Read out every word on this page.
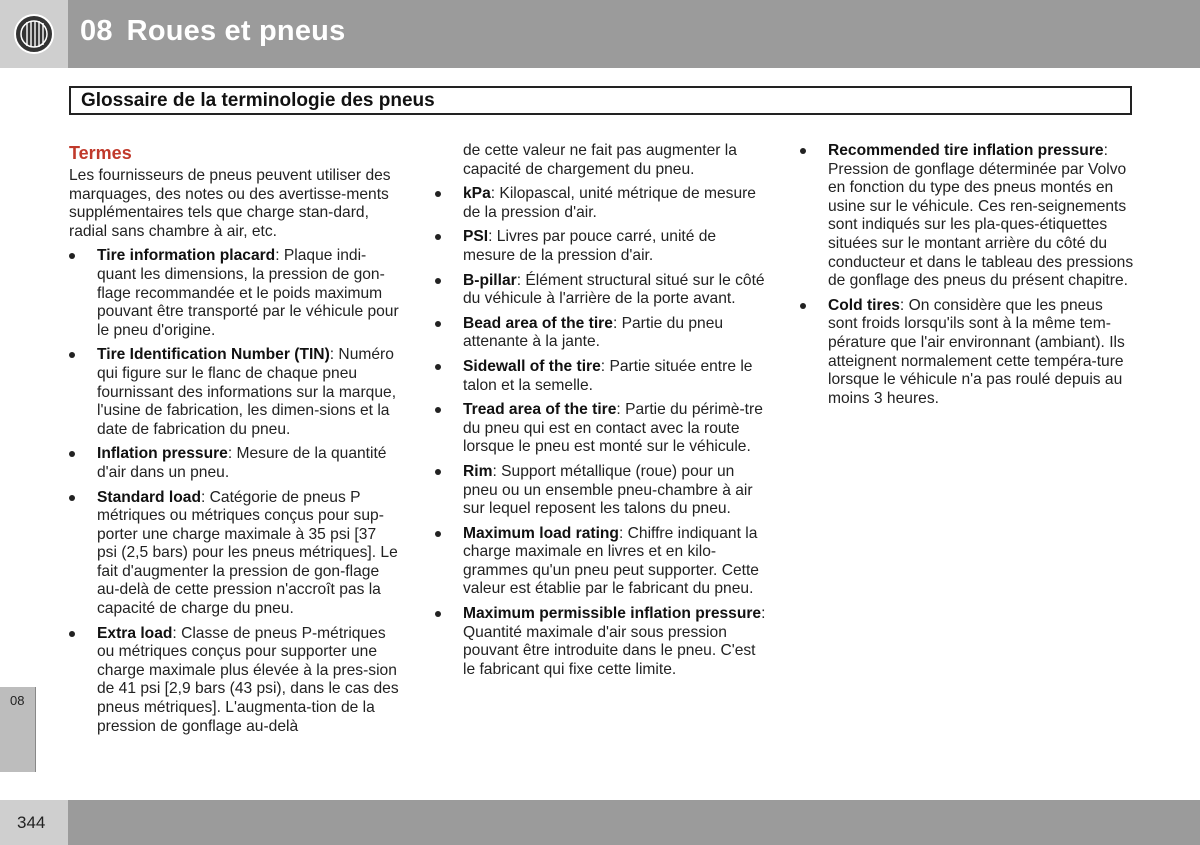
08 Roues et pneus
Glossaire de la terminologie des pneus
Termes

Les fournisseurs de pneus peuvent utiliser des marquages, des notes ou des avertisse-ments supplémentaires tels que charge stan-dard, radial sans chambre à air, etc.

Tire information placard: Plaque indi-quant les dimensions, la pression de gon-flage recommandée et le poids maximum pouvant être transporté par le véhicule pour le pneu d'origine.
Tire Identification Number (TIN): Numéro qui figure sur le flanc de chaque pneu fournissant des informations sur la marque, l'usine de fabrication, les dimen-sions et la date de fabrication du pneu.
Inflation pressure: Mesure de la quantité d'air dans un pneu.
Standard load: Catégorie de pneus P métriques ou métriques conçus pour sup-porter une charge maximale à 35 psi [37 psi (2,5 bars) pour les pneus métriques]. Le fait d'augmenter la pression de gon-flage au-delà de cette pression n'accroît pas la capacité de charge du pneu.
Extra load: Classe de pneus P-métriques ou métriques conçus pour supporter une charge maximale plus élevée à la pres-sion de 41 psi [2,9 bars (43 psi), dans le cas des pneus métriques]. L'augmenta-tion de la pression de gonflage au-delà

de cette valeur ne fait pas augmenter la capacité de chargement du pneu.

kPa: Kilopascal, unité métrique de mesure de la pression d'air.
PSI: Livres par pouce carré, unité de mesure de la pression d'air.
B-pillar: Élément structural situé sur le côté du véhicule à l'arrière de la porte avant.
Bead area of the tire: Partie du pneu attenante à la jante.
Sidewall of the tire: Partie située entre le talon et la semelle.
Tread area of the tire: Partie du périmè-tre du pneu qui est en contact avec la route lorsque le pneu est monté sur le véhicule.
Rim: Support métallique (roue) pour un pneu ou un ensemble pneu-chambre à air sur lequel reposent les talons du pneu.
Maximum load rating: Chiffre indiquant la charge maximale en livres et en kilo-grammes qu'un pneu peut supporter. Cette valeur est établie par le fabricant du pneu.
Maximum permissible inflation pressure: Quantité maximale d'air sous pression pouvant être introduite dans le pneu. C'est le fabricant qui fixe cette limite.
Recommended tire inflation pressure: Pression de gonflage déterminée par Volvo en fonction du type des pneus montés en usine sur le véhicule. Ces ren-seignements sont indiqués sur les pla-ques-étiquettes situées sur le montant arrière du côté du conducteur et dans le tableau des pressions de gonflage des pneus du présent chapitre.
Cold tires: On considère que les pneus sont froids lorsqu'ils sont à la même tem-pérature que l'air environnant (ambiant). Ils atteignent normalement cette tempéra-ture lorsque le véhicule n'a pas roulé depuis au moins 3 heures.
08
344
